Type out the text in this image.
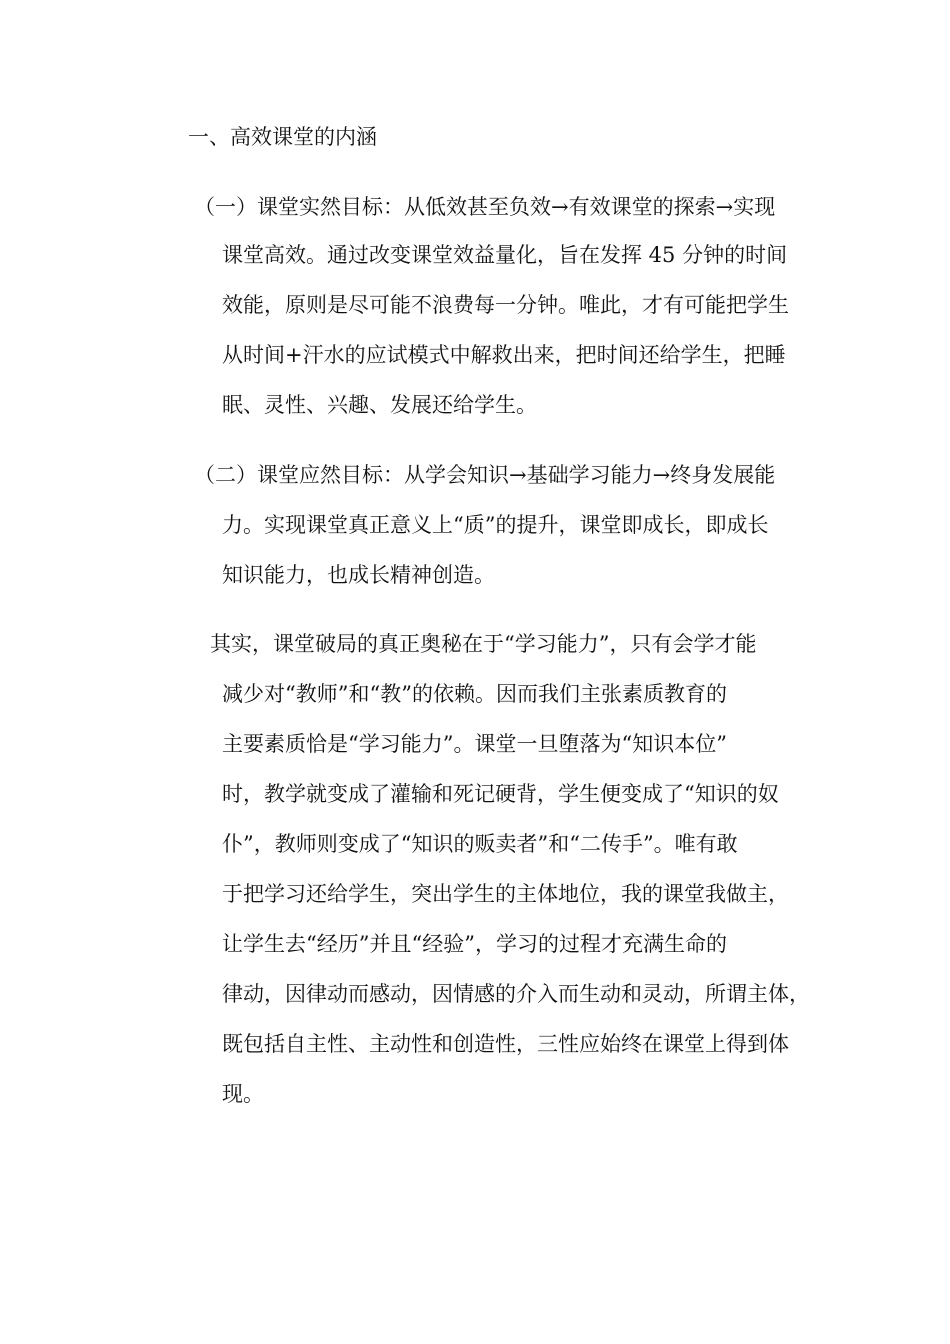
一、高效课堂的内涵
（一）课堂实然目标：从低效甚至负效→有效课堂的探索→实现
课堂高效。通过改变课堂效益量化，旨在发挥 45 分钟的时间
效能，原则是尽可能不浪费每一分钟。唯此，才有可能把学生
从时间+汗水的应试模式中解救出来，把时间还给学生，把睡
眠、灵性、兴趣、发展还给学生。
（二）课堂应然目标：从学会知识→基础学习能力→终身发展能
力。实现课堂真正意义上“质”的提升，课堂即成长，即成长
知识能力，也成长精神创造。
其实，课堂破局的真正奥秘在于“学习能力”，只有会学才能
减少对“教师”和“教”的依赖。因而我们主张素质教育的
主要素质恰是“学习能力”。课堂一旦堕落为“知识本位”
时，教学就变成了灌输和死记硬背，学生便变成了“知识的奴
仆”，教师则变成了“知识的贩卖者”和“二传手”。唯有敢
于把学习还给学生，突出学生的主体地位，我的课堂我做主，
让学生去“经历”并且“经验”，学习的过程才充满生命的
律动，因律动而感动，因情感的介入而生动和灵动，所谓主体，
既包括自主性、主动性和创造性，三性应始终在课堂上得到体
现。
